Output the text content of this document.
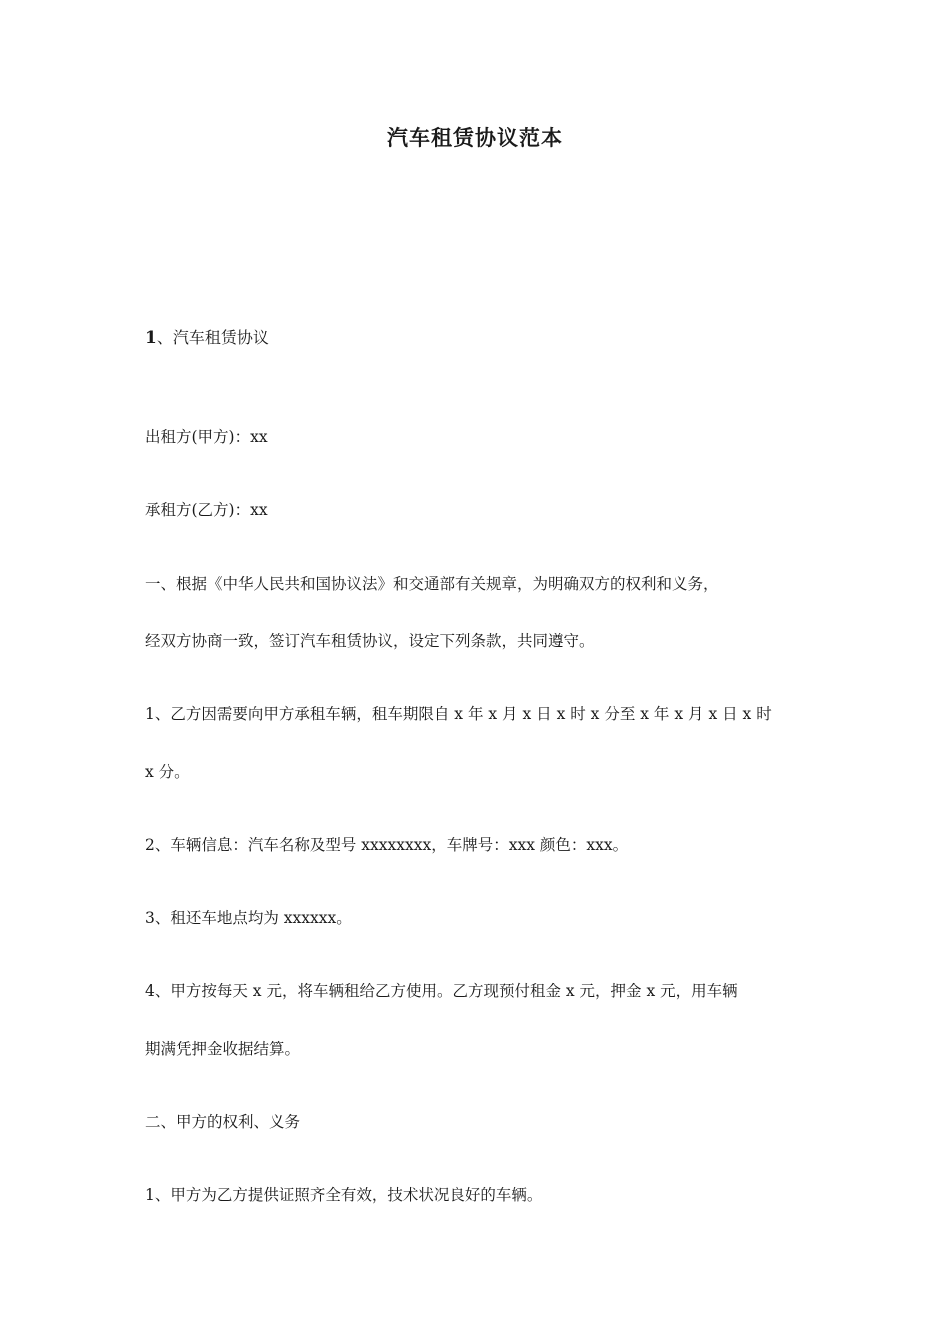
汽车租赁协议范本
1、汽车租赁协议
出租方(甲方)：xx
承租方(乙方)：xx
一、根据《中华人民共和国协议法》和交通部有关规章，为明确双方的权利和义务，
经双方协商一致，签订汽车租赁协议，设定下列条款，共同遵守。
1、乙方因需要向甲方承租车辆，租车期限自 x 年 x 月 x 日 x 时 x 分至 x 年 x 月 x 日 x 时
x 分。
2、车辆信息：汽车名称及型号 xxxxxxxx，车牌号：xxx 颜色：xxx。
3、租还车地点均为 xxxxxx。
4、甲方按每天 x 元，将车辆租给乙方使用。乙方现预付租金 x 元，押金 x 元，用车辆
期满凭押金收据结算。
二、甲方的权利、义务
1、甲方为乙方提供证照齐全有效，技术状况良好的车辆。
